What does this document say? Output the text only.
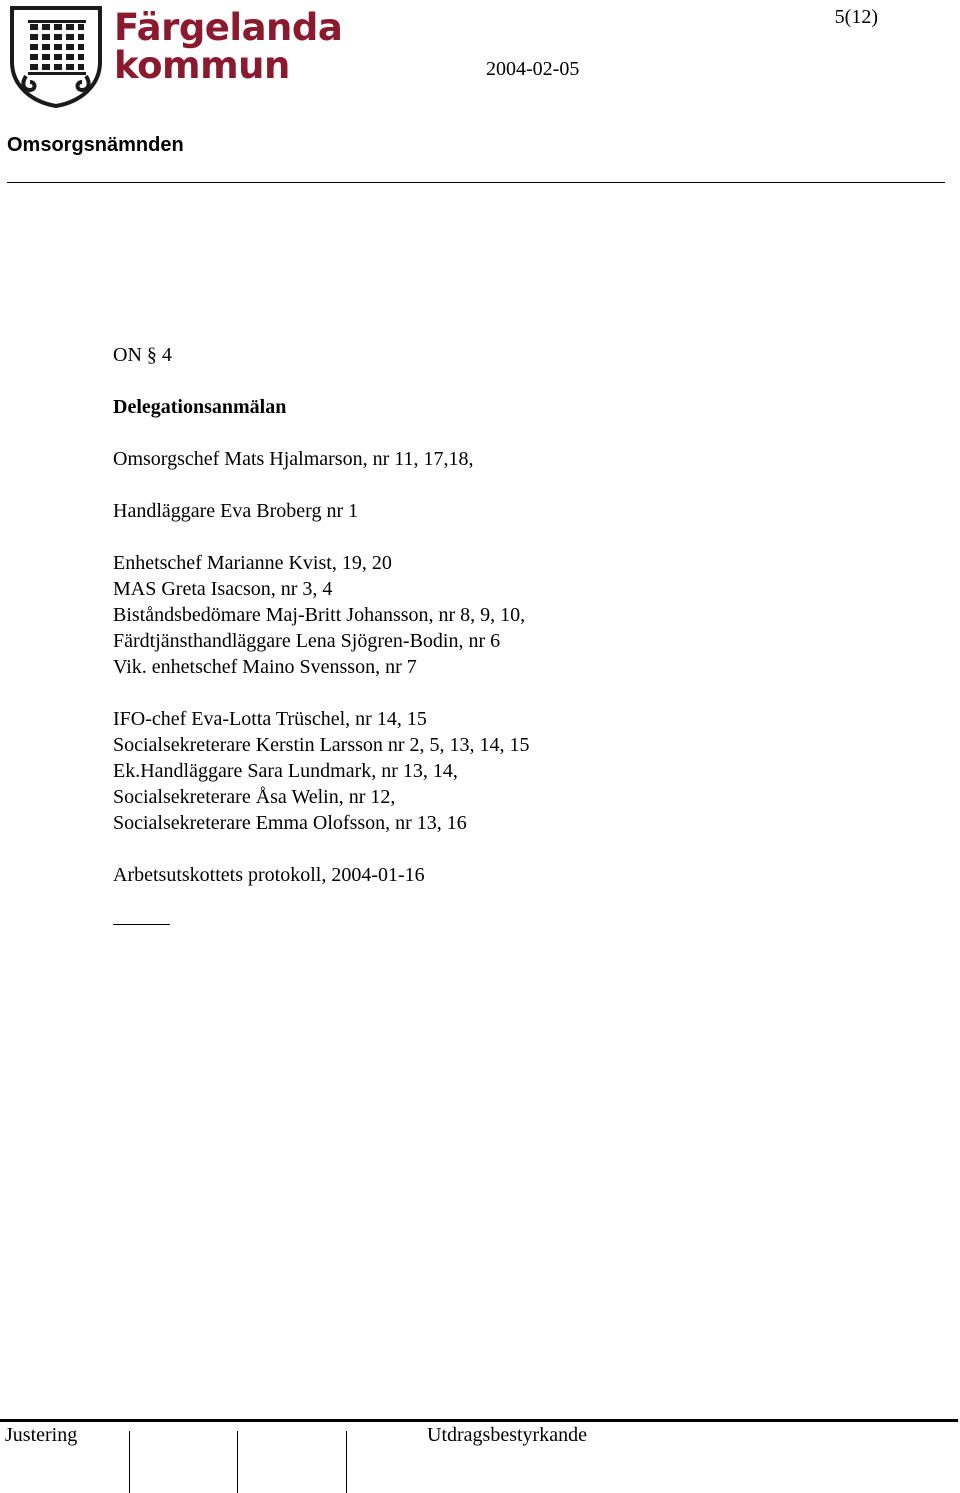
Färgelanda
kommun
5(12)
2004-02-05
Omsorgsnämnden
ON § 4
Delegationsanmälan
Omsorgschef Mats Hjalmarson, nr 11, 17,18,
Handläggare Eva Broberg nr 1
Enhetschef Marianne Kvist, 19, 20
MAS Greta Isacson, nr 3, 4
Biståndsbedömare Maj-Britt Johansson, nr 8, 9, 10,
Färdtjänsthandläggare Lena Sjögren-Bodin, nr 6
Vik. enhetschef Maino Svensson, nr 7
IFO-chef Eva-Lotta Trüschel, nr 14, 15
Socialsekreterare Kerstin Larsson nr 2, 5, 13, 14, 15
Ek.Handläggare Sara Lundmark, nr 13, 14,
Socialsekreterare Åsa Welin, nr 12,
Socialsekreterare Emma Olofsson, nr 13, 16
Arbetsutskottets protokoll, 2004-01-16
Justering	Utdragsbestyrkande
